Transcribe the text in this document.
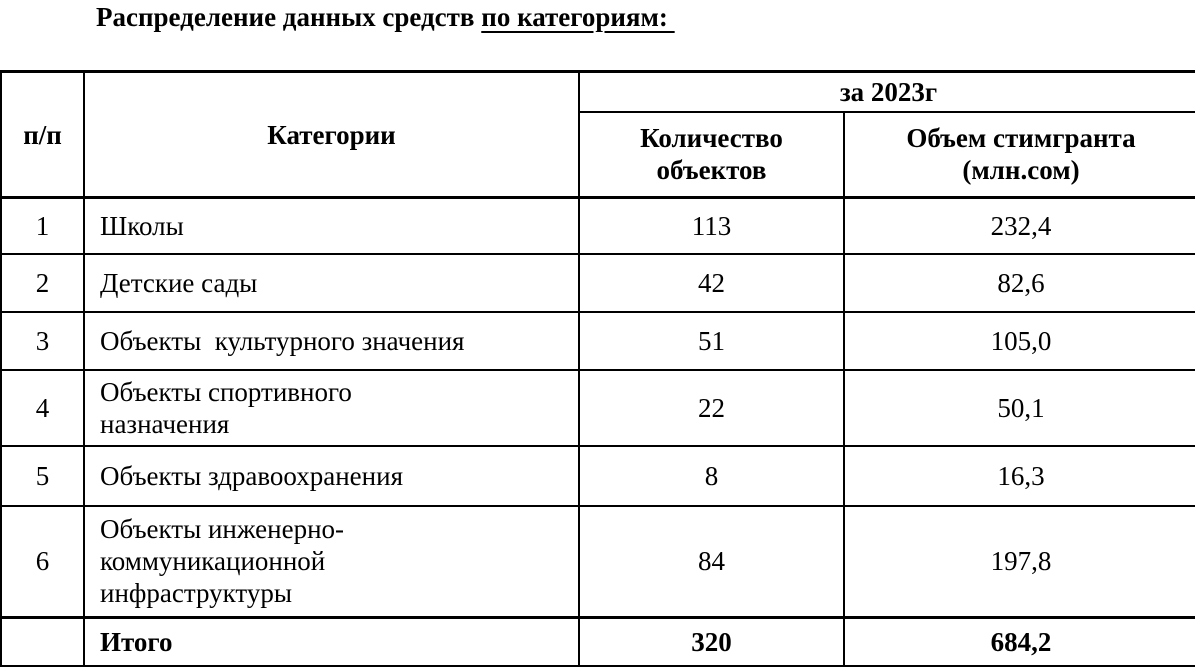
Распределение данных средств по категориям:
п/п	Категории	за 2023г	

		Количество объектов	Объем стимгранта (млн.сом)

1	Школы	113	232,4
2	Детские сады	42	82,6
3	Объекты  культурного значения	51	105,0
4	Объекты спортивного назначения	22	50,1
5	Объекты здравоохранения	8	16,3
6	Объекты инженерно-коммуникационной инфраструктуры	84	197,8
	Итого	320	684,2
